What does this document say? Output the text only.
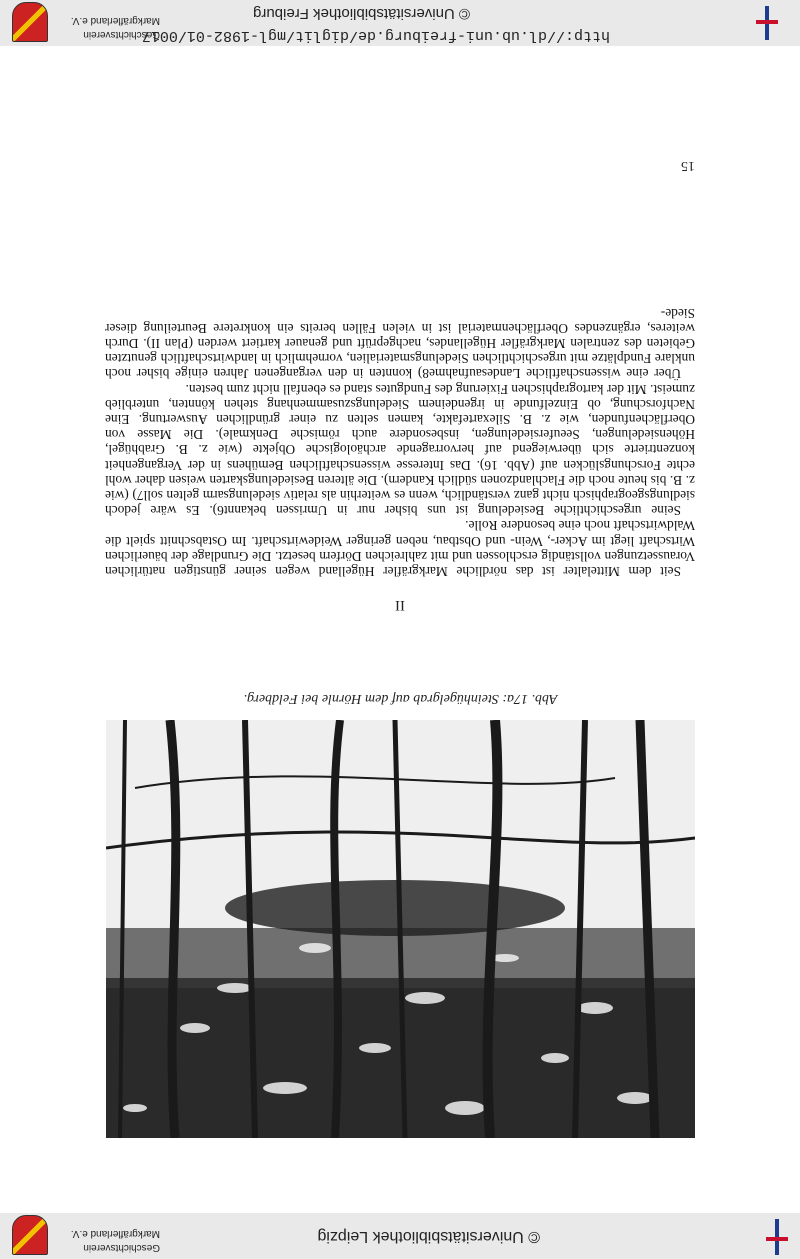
© Universitätsbibliothek Leipzig
Geschichtsverein
Markgräflerland e.V.
Abb. 17a: Steinhügelgrab auf dem Hörnle bei Feldberg.
II

Seit dem Mittelalter ist das nördliche Markgräfler Hügelland wegen seiner günstigen natürlichen Voraussetzungen vollständig erschlossen und mit zahlreichen Dörfern besetzt. Die Grundlage der bäuerlichen Wirtschaft liegt im Acker-, Wein- und Obstbau, neben geringer Weidewirtschaft. Im Ostabschnitt spielt die Waldwirtschaft noch eine besondere Rolle.

Seine urgeschichtliche Besiedelung ist uns bisher nur in Umrissen bekannt6). Es wäre jedoch siedlungsgeographisch nicht ganz verständlich, wenn es weiterhin als relativ siedelungsarm gelten soll7) (wie z. B. bis heute noch die Flachlandzonen südlich Kandern). Die älteren Besiedelungskarten weisen daher wohl echte Forschungslücken auf (Abb. 16). Das Interesse wissenschaftlichen Bemühens in der Vergangenheit konzentrierte sich überwiegend auf hervorragende archäologische Objekte (wie z. B. Grabhügel, Höhensiedelungen, Seeufersiedelungen, insbesondere auch römische Denkmale). Die Masse von Oberflächenfunden, wie z. B. Silexartefakte, kamen selten zu einer gründlichen Auswertung. Eine Nachforschung, ob Einzelfunde in irgendeinem Siedelungszusammenhang stehen könnten, unterblieb zumeist. Mit der kartographischen Fixierung des Fundgutes stand es ebenfall nicht zum besten.

Über eine wissenschaftliche Landesaufnahme8) konnten in den vergangenen Jahren einige bisher noch unklare Fundplätze mit urgeschichtlichen Siedelungsmaterialien, vornehmlich in landwirtschaftlich genutzten Gebieten des zentralen Markgräfler Hügellandes, nachgeprüft und genauer kartiert werden (Plan II). Durch weiteres, ergänzendes Oberflächenmaterial ist in vielen Fällen bereits ein konkretere Beurteilung dieser Siede-

15
http://dl.ub.uni-freiburg.de/diglit/mgl-1982-01/0017
© Universitätsbibliothek Freiburg
Geschichtsverein
Markgräflerland e.V.
